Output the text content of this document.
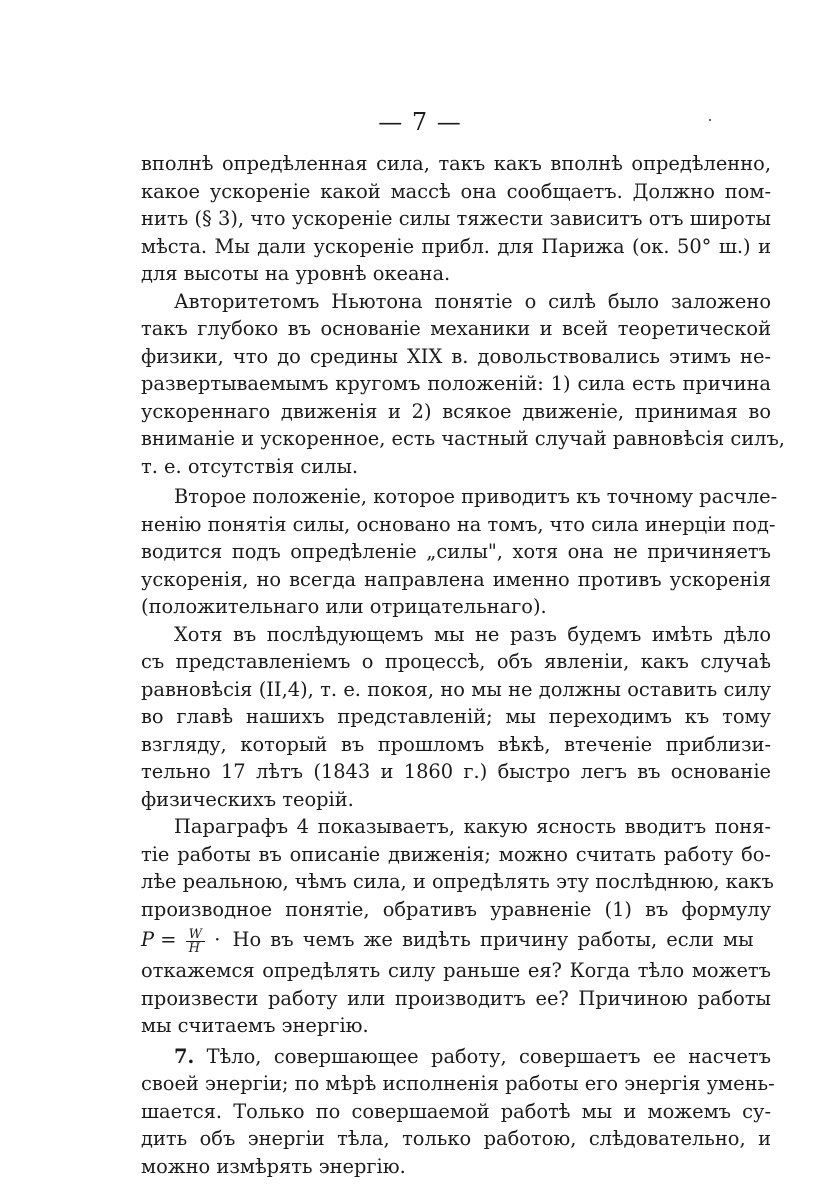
— 7 —
вполнѣ опредѣленная сила, такъ какъ вполнѣ опредѣленно,
какое ускореніе какой массѣ она сообщаетъ. Должно пом-
нить (§ 3), что ускореніе силы тяжести зависитъ отъ широты
мѣста. Мы дали ускореніе прибл. для Парижа (ок. 50° ш.) и
для высоты на уровнѣ океана.
Авторитетомъ Ньютона понятіе о силѣ было заложено
такъ глубоко въ основаніе механики и всей теоретической
физики, что до средины XIX в. довольствовались этимъ не-
развертываемымъ кругомъ положеній: 1) сила есть причина
ускореннаго движенія и 2) всякое движеніе, принимая во
вниманіе и ускоренное, есть частный случай равновѣсія силъ,
т. е. отсутствія силы.
Второе положеніе, которое приводитъ къ точному расчле-
ненію понятія силы, основано на томъ, что сила инерціи под-
водится подъ опредѣленіе „силы", хотя она не причиняетъ
ускоренія, но всегда направлена именно противъ ускоренія
(положительнаго или отрицательнаго).
Хотя въ послѣдующемъ мы не разъ будемъ имѣть дѣло
съ представленіемъ о процессѣ, объ явленіи, какъ случаѣ
равновѣсія (II,4), т. е. покоя, но мы не должны оставить силу
во главѣ нашихъ представленій; мы переходимъ къ тому
взгляду, который въ прошломъ вѣкѣ, втеченіе приблизи-
тельно 17 лѣтъ (1843 и 1860 г.) быстро легъ въ основаніе
физическихъ теорій.
Параграфъ 4 показываетъ, какую ясность вводитъ поня-
тіе работы въ описаніе движенія; можно считать работу бо-
лѣе реальною, чѣмъ сила, и опредѣлять эту послѣднюю, какъ
производное понятіе, обративъ уравненіе (1) въ формулу
$P = \frac{W}{H}$ · Но въ чемъ же видѣть причину работы, если мы
откажемся опредѣлять силу раньше ея? Когда тѣло можетъ
произвести работу или производитъ ее? Причиною работы
мы считаемъ энергію.
7. Тѣло, совершающее работу, совершаетъ ее насчетъ
своей энергіи; по мѣрѣ исполненія работы его энергія умень-
шается. Только по совершаемой работѣ мы и можемъ су-
дить объ энергіи тѣла, только работою, слѣдовательно, и
можно измѣрять энергію.
